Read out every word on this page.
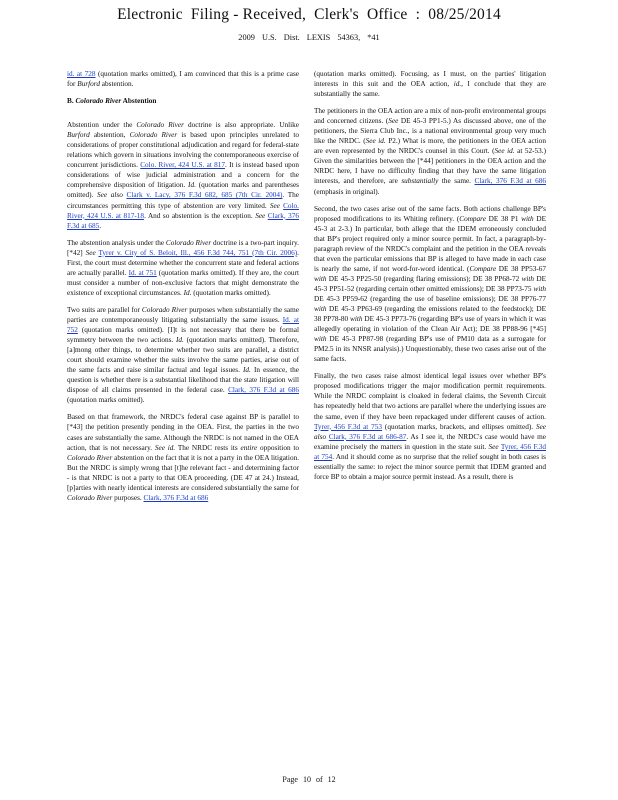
Electronic  Filing - Received,  Clerk's  Office  :  08/25/2014
2009 U.S. Dist. LEXIS 54363, *41

id. at 728 (quotation marks omitted), I am convinced that this is a prime case for Burford abstention.

B. Colorado River Abstention

Abstention under the Colorado River doctrine is also appropriate. Unlike Burford abstention, Colorado River is based upon principles unrelated to considerations of proper constitutional adjudication and regard for federal-state relations which govern in situations involving the contemporaneous exercise of concurrent jurisdictions. Colo. River, 424 U.S. at 817. It is instead based upon considerations of wise judicial administration and a concern for the comprehensive disposition of litigation. Id. (quotation marks and parentheses omitted). See also Clark v. Lacy, 376 F.3d 682, 685 (7th Cir. 2004). The circumstances permitting this type of abstention are very limited. See Colo. River, 424 U.S. at 817-18. And so abstention is the exception. See Clark, 376 F.3d at 685.

The abstention analysis under the Colorado River doctrine is a two-part inquiry. [*42] See Tyrer v. City of S. Beloit, Ill., 456 F.3d 744, 751 (7th Cir. 2006). First, the court must determine whether the concurrent state and federal actions are actually parallel. Id. at 751 (quotation marks omitted). If they are, the court must consider a number of non-exclusive factors that might demonstrate the existence of exceptional circumstances. Id. (quotation marks omitted).

Two suits are parallel for Colorado River purposes when substantially the same parties are contemporaneously litigating substantially the same issues. Id. at 752 (quotation marks omitted). [I]t is not necessary that there be formal symmetry between the two actions. Id. (quotation marks omitted). Therefore, [a]mong other things, to determine whether two suits are parallel, a district court should examine whether the suits involve the same parties, arise out of the same facts and raise similar factual and legal issues. Id. In essence, the question is whether there is a substantial likelihood that the state litigation will dispose of all claims presented in the federal case. Clark, 376 F.3d at 686 (quotation marks omitted).

Based on that framework, the NRDC's federal case against BP is parallel to [*43] the petition presently pending in the OEA. First, the parties in the two cases are substantially the same. Although the NRDC is not named in the OEA action, that is not necessary. See id. The NRDC rests its entire opposition to Colorado River abstention on the fact that it is not a party in the OEA litigation. But the NRDC is simply wrong that [t]he relevant fact - and determining factor - is that NRDC is not a party to that OEA proceeding. (DE 47 at 24.) Instead, [p]arties with nearly identical interests are considered substantially the same for Colorado River purposes. Clark, 376 F.3d at 686

(quotation marks omitted). Focusing, as I must, on the parties' litigation interests in this suit and the OEA action, id., I conclude that they are substantially the same.

The petitioners in the OEA action are a mix of non-profit environmental groups and concerned citizens. (See DE 45-3 PP1-5.) As discussed above, one of the petitioners, the Sierra Club Inc., is a national environmental group very much like the NRDC. (See id. P2.) What is more, the petitioners in the OEA action are even represented by the NRDC's counsel in this Court. (See id. at 52-53.) Given the similarities between the [*44] petitioners in the OEA action and the NRDC here, I have no difficulty finding that they have the same litigation interests, and therefore, are substantially the same. Clark, 376 F.3d at 686 (emphasis in original).

Second, the two cases arise out of the same facts. Both actions challenge BP's proposed modifications to its Whiting refinery. (Compare DE 38 P1 with DE 45-3 at 2-3.) In particular, both allege that the IDEM erroneously concluded that BP's project required only a minor source permit. In fact, a paragraph-by-paragraph review of the NRDC's complaint and the petition in the OEA reveals that even the particular emissions that BP is alleged to have made in each case is nearly the same, if not word-for-word identical. (Compare DE 38 PP53-67 with DE 45-3 PP25-50 (regarding flaring emissions); DE 38 PP68-72 with DE 45-3 PP51-52 (regarding certain other omitted emissions); DE 38 PP73-75 with DE 45-3 PP59-62 (regarding the use of baseline emissions); DE 38 PP76-77 with DE 45-3 PP63-69 (regarding the emissions related to the feedstock); DE 38 PP78-80 with DE 45-3 PP73-76 (regarding BP's use of years in which it was allegedly operating in violation of the Clean Air Act); DE 38 PP88-96 [*45] with DE 45-3 PP87-98 (regarding BP's use of PM10 data as a surrogate for PM2.5 in its NNSR analysis).) Unquestionably, these two cases arise out of the same facts.

Finally, the two cases raise almost identical legal issues over whether BP's proposed modifications trigger the major modification permit requirements. While the NRDC complaint is cloaked in federal claims, the Seventh Circuit has repeatedly held that two actions are parallel where the underlying issues are the same, even if they have been repackaged under different causes of action. Tyrer, 456 F.3d at 753 (quotation marks, brackets, and ellipses omitted). See also Clark, 376 F.3d at 686-87. As I see it, the NRDC's case would have me examine precisely the matters in question in the state suit. See Tyrer, 456 F.3d at 754. And it should come as no surprise that the relief sought in both cases is essentially the same: to reject the minor source permit that IDEM granted and force BP to obtain a major source permit instead. As a result, there is

Page 10 of 12
